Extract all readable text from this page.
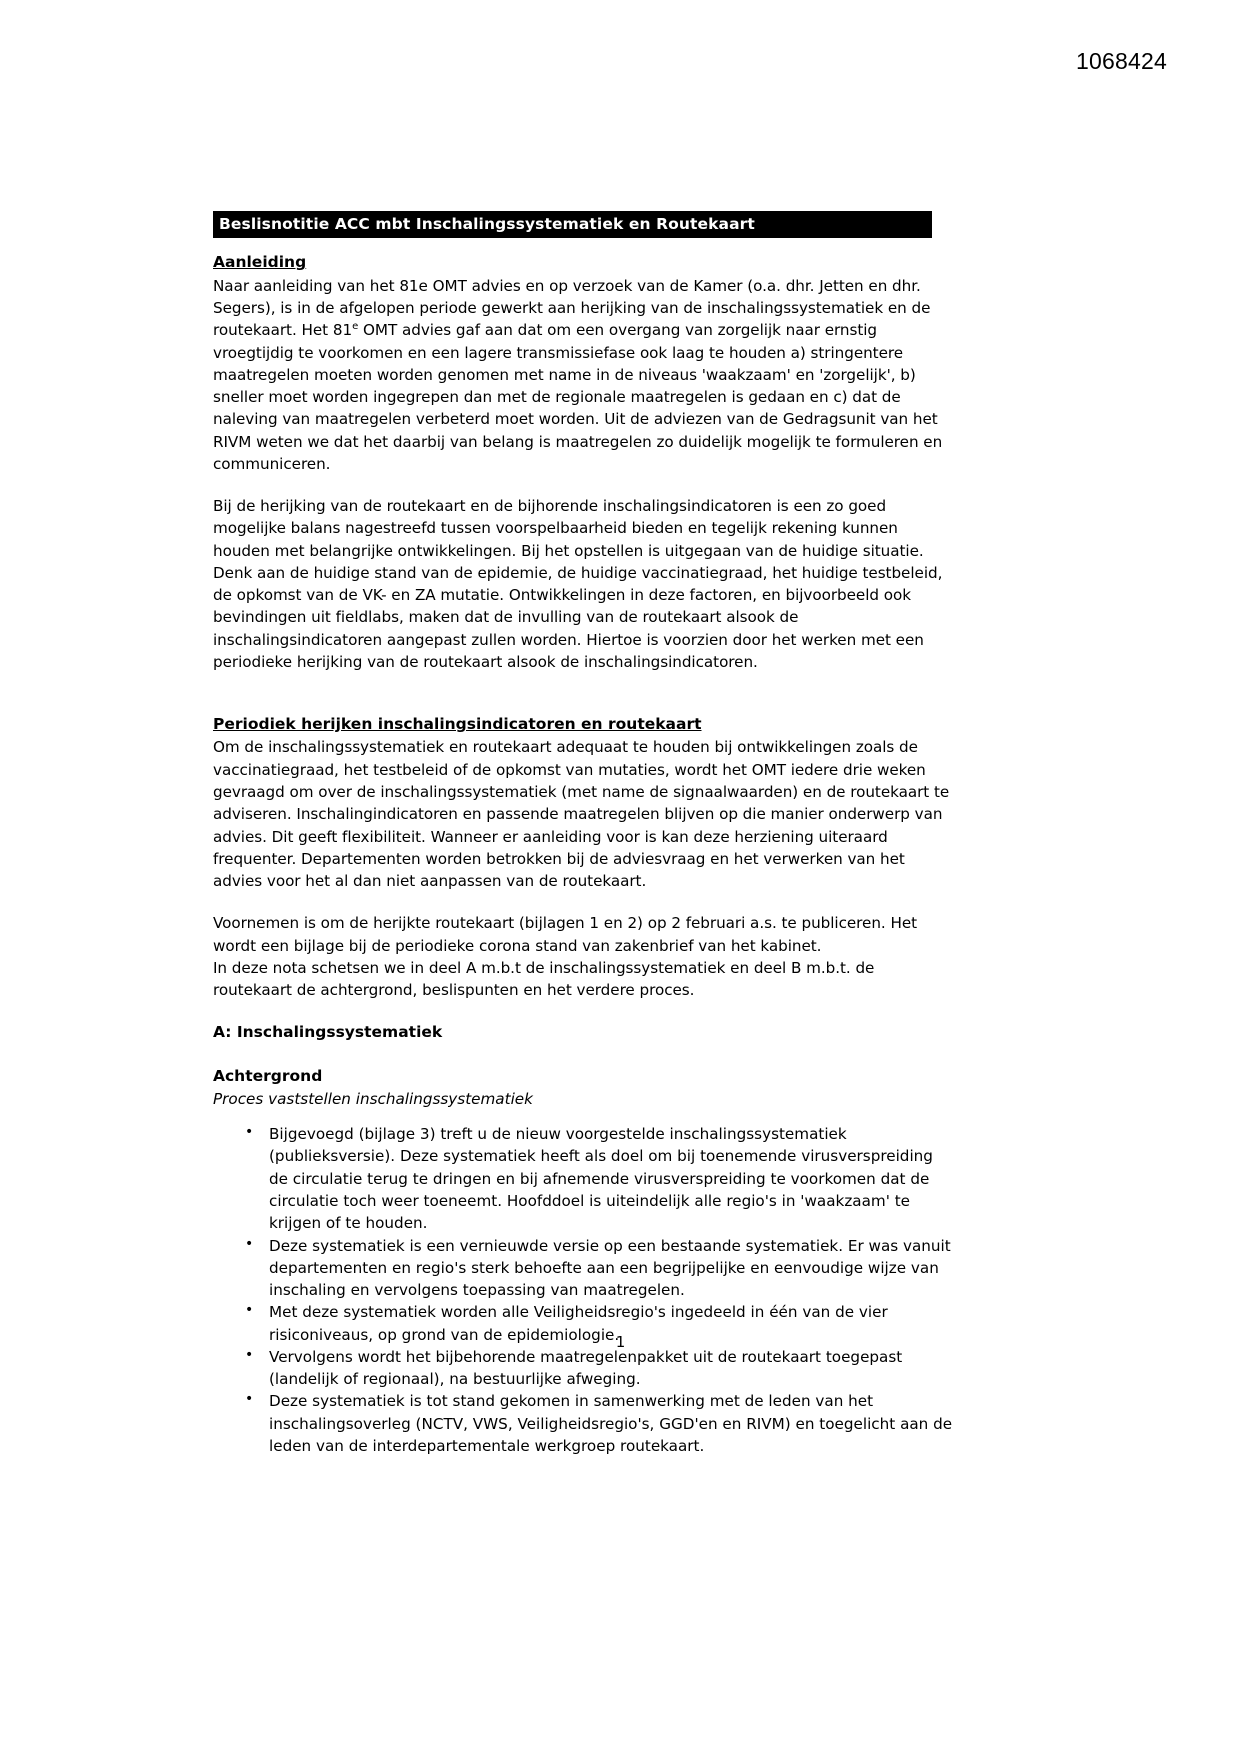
1068424
Beslisnotitie ACC mbt Inschalingssystematiek en Routekaart
Aanleiding

Naar aanleiding van het 81e OMT advies en op verzoek van de Kamer (o.a. dhr. Jetten en dhr. Segers), is in de afgelopen periode gewerkt aan herijking van de inschalingssystematiek en de routekaart. Het 81e OMT advies gaf aan dat om een overgang van zorgelijk naar ernstig vroegtijdig te voorkomen en een lagere transmissiefase ook laag te houden a) stringentere maatregelen moeten worden genomen met name in de niveaus 'waakzaam' en 'zorgelijk', b) sneller moet worden ingegrepen dan met de regionale maatregelen is gedaan en c) dat de naleving van maatregelen verbeterd moet worden. Uit de adviezen van de Gedragsunit van het RIVM weten we dat het daarbij van belang is maatregelen zo duidelijk mogelijk te formuleren en communiceren.

Bij de herijking van de routekaart en de bijhorende inschalingsindicatoren is een zo goed mogelijke balans nagestreefd tussen voorspelbaarheid bieden en tegelijk rekening kunnen houden met belangrijke ontwikkelingen. Bij het opstellen is uitgegaan van de huidige situatie. Denk aan de huidige stand van de epidemie, de huidige vaccinatiegraad, het huidige testbeleid, de opkomst van de VK- en ZA mutatie. Ontwikkelingen in deze factoren, en bijvoorbeeld ook bevindingen uit fieldlabs, maken dat de invulling van de routekaart alsook de inschalingsindicatoren aangepast zullen worden. Hiertoe is voorzien door het werken met een periodieke herijking van de routekaart alsook de inschalingsindicatoren.

Periodiek herijken inschalingsindicatoren en routekaart

Om de inschalingssystematiek en routekaart adequaat te houden bij ontwikkelingen zoals de vaccinatiegraad, het testbeleid of de opkomst van mutaties, wordt het OMT iedere drie weken gevraagd om over de inschalingssystematiek (met name de signaalwaarden) en de routekaart te adviseren. Inschalingindicatoren en passende maatregelen blijven op die manier onderwerp van advies. Dit geeft flexibiliteit. Wanneer er aanleiding voor is kan deze herziening uiteraard frequenter. Departementen worden betrokken bij de adviesvraag en het verwerken van het advies voor het al dan niet aanpassen van de routekaart.

Voornemen is om de herijkte routekaart (bijlagen 1 en 2) op 2 februari a.s. te publiceren. Het wordt een bijlage bij de periodieke corona stand van zakenbrief van het kabinet.

In deze nota schetsen we in deel A m.b.t de inschalingssystematiek en deel B m.b.t. de routekaart de achtergrond, beslispunten en het verdere proces.

A: Inschalingssystematiek
Achtergrond

Proces vaststellen inschalingssystematiek

• Bijgevoegd (bijlage 3) treft u de nieuw voorgestelde inschalingssystematiek (publieksversie). Deze systematiek heeft als doel om bij toenemende virusverspreiding de circulatie terug te dringen en bij afnemende virusverspreiding te voorkomen dat de circulatie toch weer toeneemt. Hoofddoel is uiteindelijk alle regio's in 'waakzaam' te krijgen of te houden.
• Deze systematiek is een vernieuwde versie op een bestaande systematiek. Er was vanuit departementen en regio's sterk behoefte aan een begrijpelijke en eenvoudige wijze van inschaling en vervolgens toepassing van maatregelen.
• Met deze systematiek worden alle Veiligheidsregio's ingedeeld in één van de vier risiconiveaus, op grond van de epidemiologie.
• Vervolgens wordt het bijbehorende maatregelenpakket uit de routekaart toegepast (landelijk of regionaal), na bestuurlijke afweging.
• Deze systematiek is tot stand gekomen in samenwerking met de leden van het inschalingsoverleg (NCTV, VWS, Veiligheidsregio's, GGD'en en RIVM) en toegelicht aan de leden van de interdepartementale werkgroep routekaart.
1
